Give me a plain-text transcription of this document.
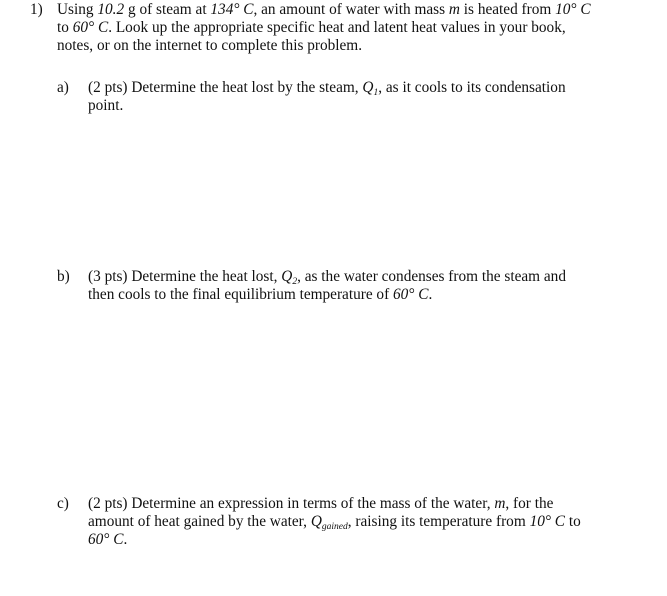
1) Using 10.2 g of steam at 134° C, an amount of water with mass m is heated from 10° C
to 60° C. Look up the appropriate specific heat and latent heat values in your book,
notes, or on the internet to complete this problem.
a) (2 pts) Determine the heat lost by the steam, $Q_1$, as it cools to its condensation
point.
b) (3 pts) Determine the heat lost, $Q_2$, as the water condenses from the steam and
then cools to the final equilibrium temperature of 60° C.
c) (2 pts) Determine an expression in terms of the mass of the water, m, for the
amount of heat gained by the water, $Q_{gained}$, raising its temperature from 10° C to
60° C.
